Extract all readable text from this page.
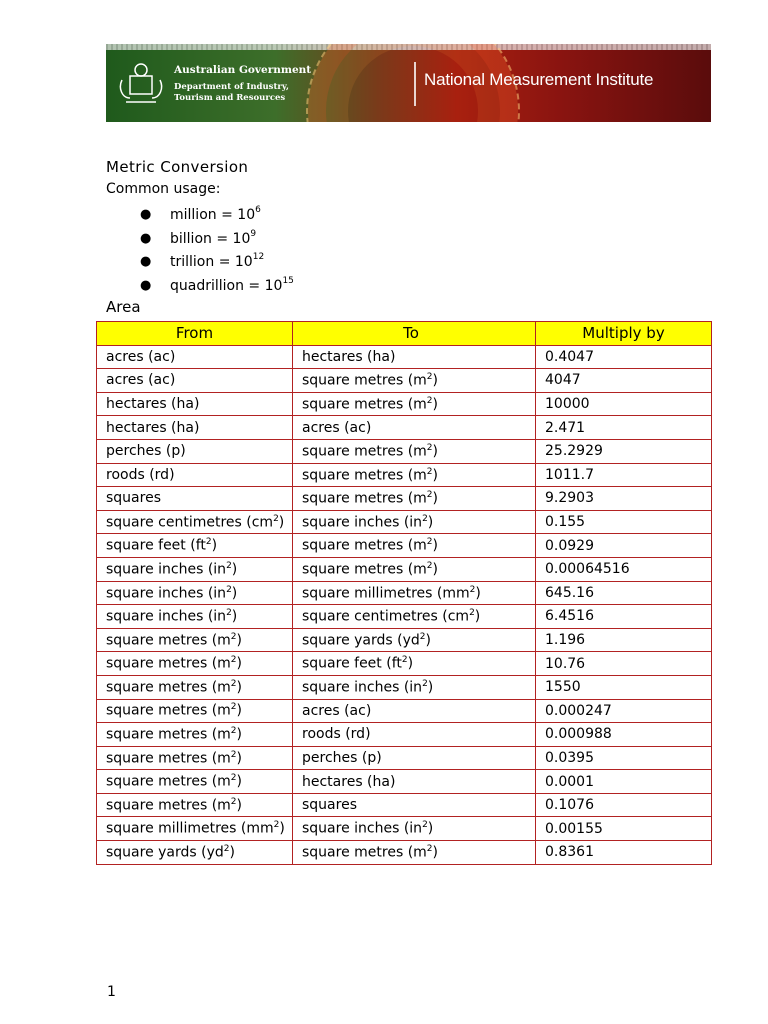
Australian Government
Department of Industry, Tourism and Resources
National Measurement Institute
Metric Conversion
Common usage:
● million = $10^6$
● billion = $10^9$
● trillion = $10^{12}$
● quadrillion = $10^{15}$
Area
From	To	Multiply by
acres (ac)	hectares (ha)	0.4047
acres (ac)	square metres $(m^2)$	4047
hectares (ha)	square metres $(m^2)$	10000
hectares (ha)	acres (ac)	2.471
perches (p)	square metres $(m^2)$	25.2929
roods (rd)	square metres $(m^2)$	1011.7
squares	square metres $(m^2)$	9.2903
square centimetres $(cm^2)$	square inches $(in^2)$	0.155
square feet $(ft^2)$	square metres $(m^2)$	0.0929
square inches $(in^2)$	square metres $(m^2)$	0.00064516
square inches $(in^2)$	square millimetres $(mm^2)$	645.16
square inches $(in^2)$	square centimetres $(cm^2)$	6.4516
square metres $(m^2)$	square yards $(yd^2)$	1.196
square metres $(m^2)$	square feet $(ft^2)$	10.76
square metres $(m^2)$	square inches $(in^2)$	1550
square metres $(m^2)$	acres (ac)	0.000247
square metres $(m^2)$	roods (rd)	0.000988
square metres $(m^2)$	perches (p)	0.0395
square metres $(m^2)$	hectares (ha)	0.0001
square metres $(m^2)$	squares	0.1076
square millimetres $(mm^2)$	square inches $(in^2)$	0.00155
square yards $(yd^2)$	square metres $(m^2)$	0.8361
1
